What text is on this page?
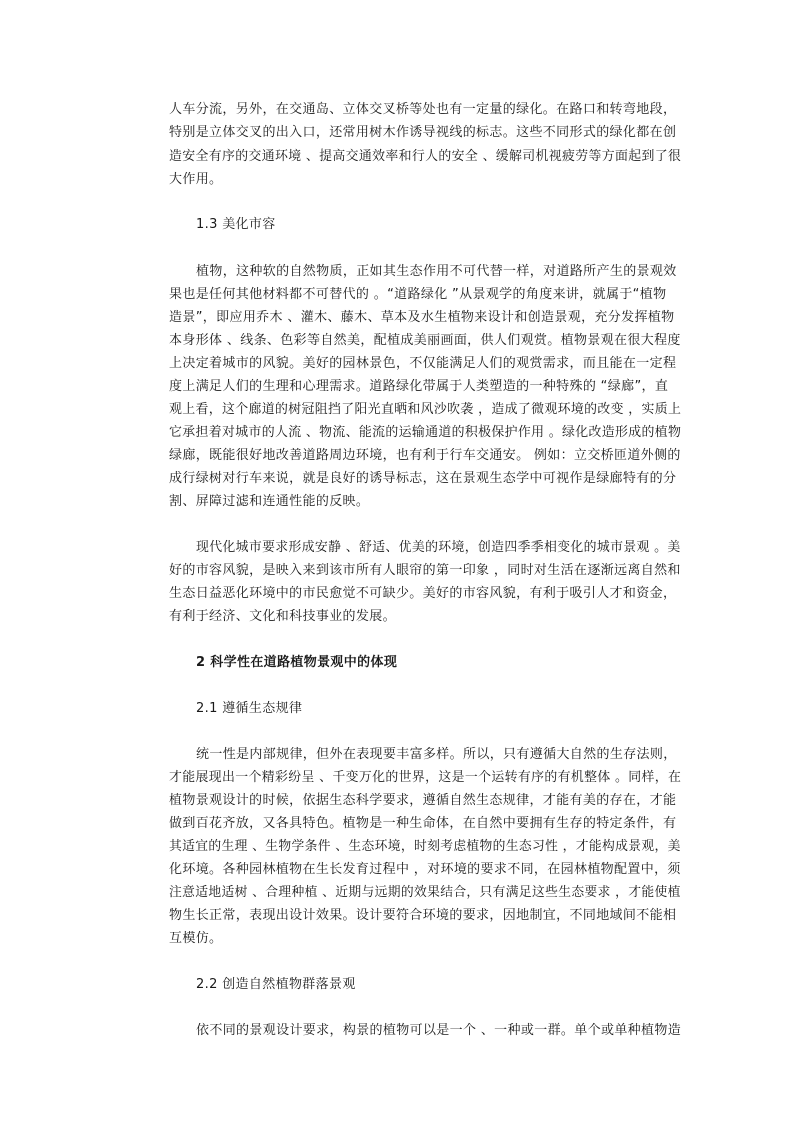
人车分流，另外，在交通岛、立体交叉桥等处也有一定量的绿化。在路口和转弯地段，
特别是立体交叉的出入口，还常用树木作诱导视线的标志。这些不同形式的绿化都在创
造安全有序的交通环境 、提高交通效率和行人的安全 、缓解司机视疲劳等方面起到了很
大作用。
1.3 美化市容
植物，这种软的自然物质，正如其生态作用不可代替一样，对道路所产生的景观效
果也是任何其他材料都不可替代的 。“道路绿化 ”从景观学的角度来讲，就属于“植物
造景”，即应用乔木 、灌木、藤木、草本及水生植物来设计和创造景观，充分发挥植物
本身形体 、线条、色彩等自然美，配植成美丽画面，供人们观赏。植物景观在很大程度
上决定着城市的风貌。美好的园林景色，不仅能满足人们的观赏需求，而且能在一定程
度上满足人们的生理和心理需求。道路绿化带属于人类塑造的一种特殊的 “绿廊”，直
观上看，这个廊道的树冠阻挡了阳光直晒和风沙吹袭 ，造成了微观环境的改变 ，实质上
它承担着对城市的人流 、物流、能流的运输通道的积极保护作用 。绿化改造形成的植物
绿廊，既能很好地改善道路周边环境，也有利于行车交通安。 例如：立交桥匝道外侧的
成行绿树对行车来说，就是良好的诱导标志，这在景观生态学中可视作是绿廊特有的分
割、屏障过滤和连通性能的反映。
现代化城市要求形成安静 、舒适、优美的环境，创造四季季相变化的城市景观 。美
好的市容风貌，是映入来到该市所有人眼帘的第一印象 ，同时对生活在逐渐远离自然和
生态日益恶化环境中的市民愈觉不可缺少。美好的市容风貌，有利于吸引人才和资金，
有利于经济、文化和科技事业的发展。
2 科学性在道路植物景观中的体现
2.1 遵循生态规律
统一性是内部规律，但外在表现要丰富多样。所以，只有遵循大自然的生存法则，
才能展现出一个精彩纷呈 、千变万化的世界，这是一个运转有序的有机整体 。同样，在
植物景观设计的时候，依据生态科学要求，遵循自然生态规律，才能有美的存在，才能
做到百花齐放，又各具特色。植物是一种生命体，在自然中要拥有生存的特定条件，有
其适宜的生理 、生物学条件 、生态环境，时刻考虑植物的生态习性 ，才能构成景观，美
化环境。各种园林植物在生长发育过程中 ，对环境的要求不同，在园林植物配置中，须
注意适地适树 、合理种植 、近期与远期的效果结合，只有满足这些生态要求 ，才能使植
物生长正常，表现出设计效果。设计要符合环境的要求，因地制宜，不同地域间不能相
互模仿。
2.2 创造自然植物群落景观
依不同的景观设计要求，构景的植物可以是一个 、一种或一群。单个或单种植物造
